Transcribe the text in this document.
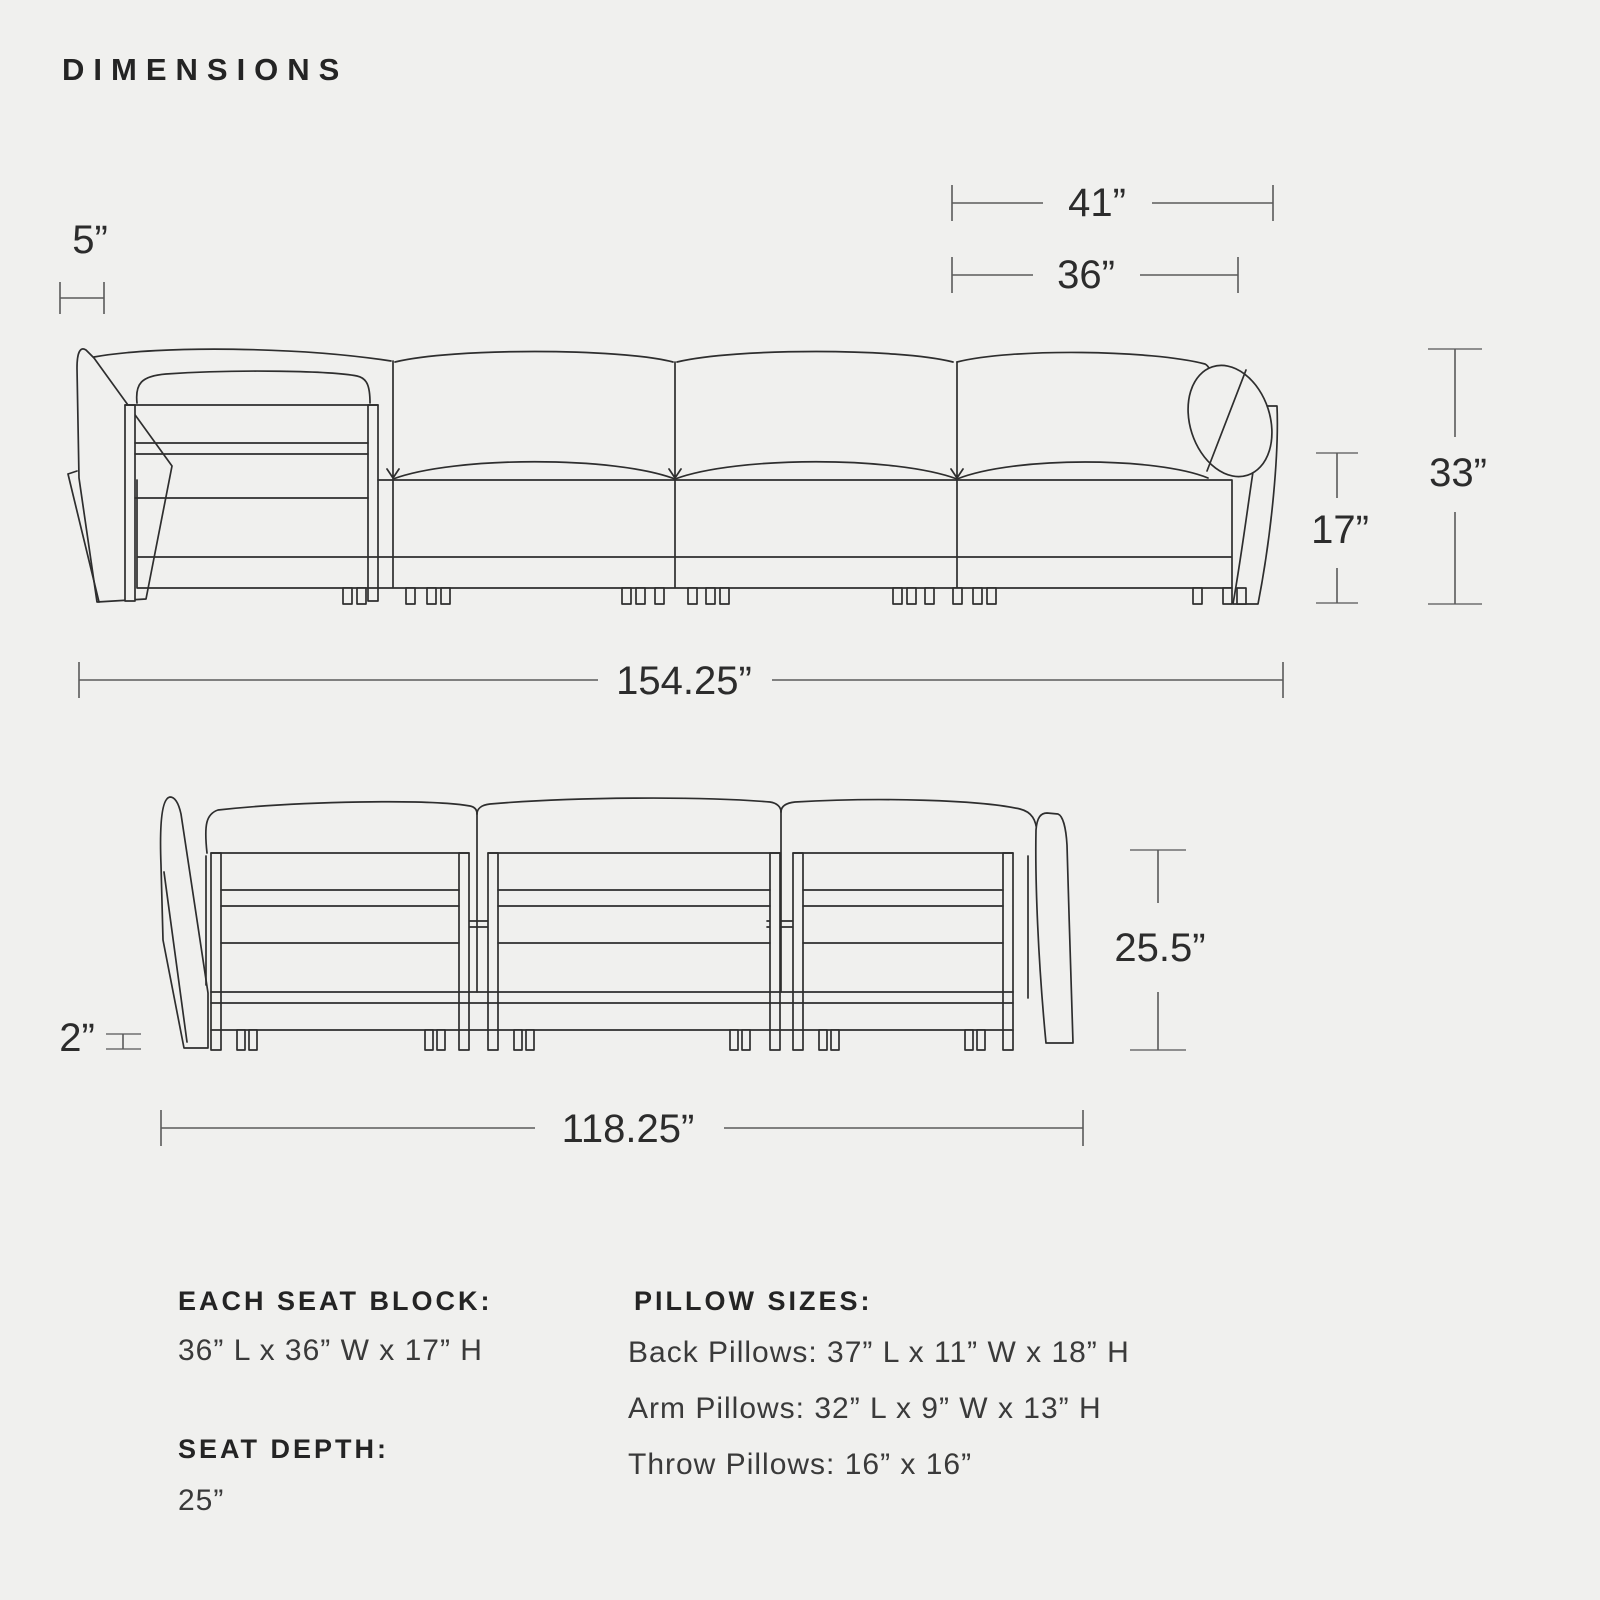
DIMENSIONS
5”
41”
36”
33”
17”
154.25”
2”
25.5”
118.25”
EACH SEAT BLOCK:
36” L x 36” W x 17” H
SEAT DEPTH:
25”
PILLOW SIZES:
Back Pillows: 37” L x 11” W x 18” H
Arm Pillows: 32” L x 9” W x 13” H
Throw Pillows: 16” x 16”
